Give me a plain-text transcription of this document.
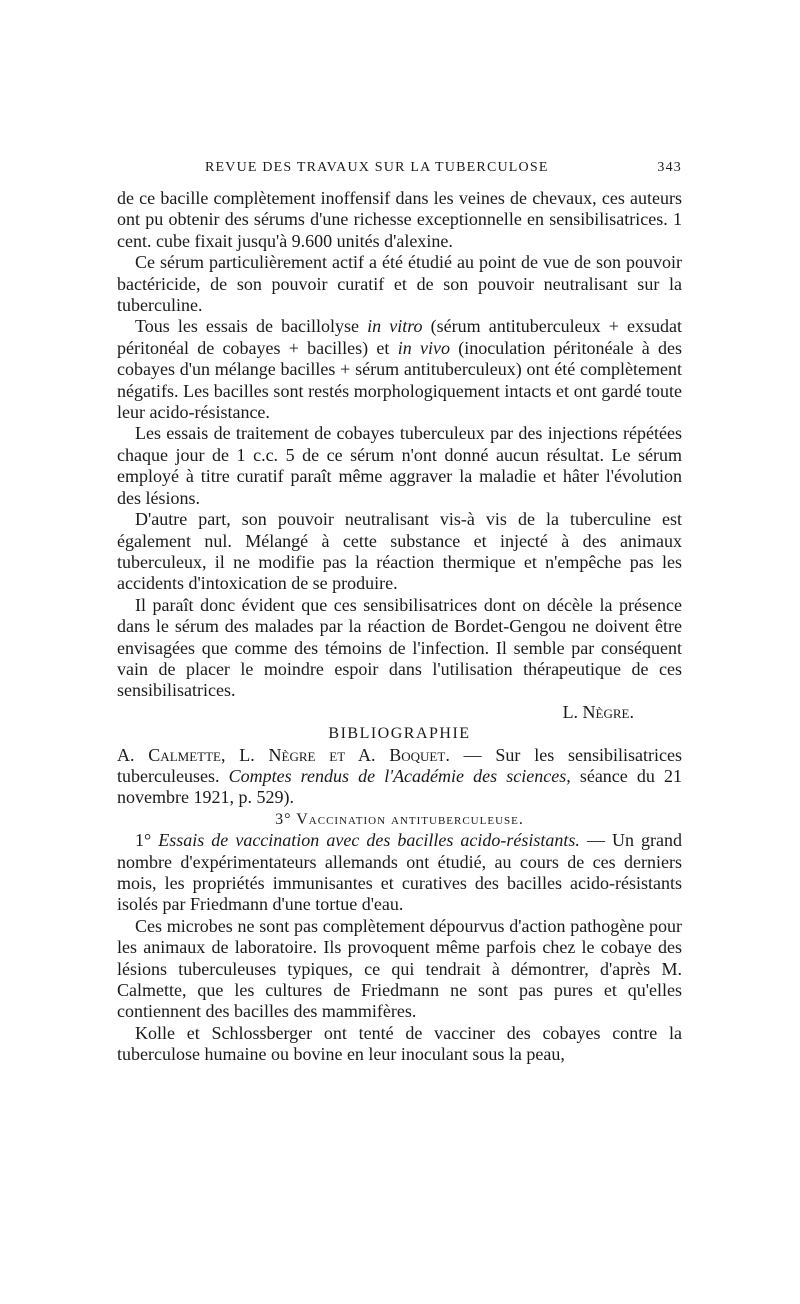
REVUE DES TRAVAUX SUR LA TUBERCULOSE	343

de ce bacille complètement inoffensif dans les veines de chevaux, ces auteurs ont pu obtenir des sérums d'une richesse exceptionnelle en sensibilisatrices. 1 cent. cube fixait jusqu'à 9.600 unités d'alexine.

Ce sérum particulièrement actif a été étudié au point de vue de son pouvoir bactéricide, de son pouvoir curatif et de son pouvoir neutralisant sur la tuberculine.

Tous les essais de bacillolyse in vitro (sérum antituberculeux + exsudat péritonéal de cobayes + bacilles) et in vivo (inoculation péritonéale à des cobayes d'un mélange bacilles + sérum antituberculeux) ont été complètement négatifs. Les bacilles sont restés morphologiquement intacts et ont gardé toute leur acido-résistance.

Les essais de traitement de cobayes tuberculeux par des injections répétées chaque jour de 1 c.c. 5 de ce sérum n'ont donné aucun résultat. Le sérum employé à titre curatif paraît même aggraver la maladie et hâter l'évolution des lésions.

D'autre part, son pouvoir neutralisant vis-à vis de la tuberculine est également nul. Mélangé à cette substance et injecté à des animaux tuberculeux, il ne modifie pas la réaction thermique et n'empêche pas les accidents d'intoxication de se produire.

Il paraît donc évident que ces sensibilisatrices dont on décèle la présence dans le sérum des malades par la réaction de Bordet-Gengou ne doivent être envisagées que comme des témoins de l'infection. Il semble par conséquent vain de placer le moindre espoir dans l'utilisation thérapeutique de ces sensibilisatrices.

L. Nègre.

BIBLIOGRAPHIE

A. Calmette, L. Nègre et A. Boquet. — Sur les sensibilisatrices tuberculeuses. Comptes rendus de l'Académie des sciences, séance du 21 novembre 1921, p. 529).

3° Vaccination antituberculeuse.

1° Essais de vaccination avec des bacilles acido-résistants. — Un grand nombre d'expérimentateurs allemands ont étudié, au cours de ces derniers mois, les propriétés immunisantes et curatives des bacilles acido-résistants isolés par Friedmann d'une tortue d'eau.

Ces microbes ne sont pas complètement dépourvus d'action pathogène pour les animaux de laboratoire. Ils provoquent même parfois chez le cobaye des lésions tuberculeuses typiques, ce qui tendrait à démontrer, d'après M. Calmette, que les cultures de Friedmann ne sont pas pures et qu'elles contiennent des bacilles des mammifères.

Kolle et Schlossberger ont tenté de vacciner des cobayes contre la tuberculose humaine ou bovine en leur inoculant sous la peau,
